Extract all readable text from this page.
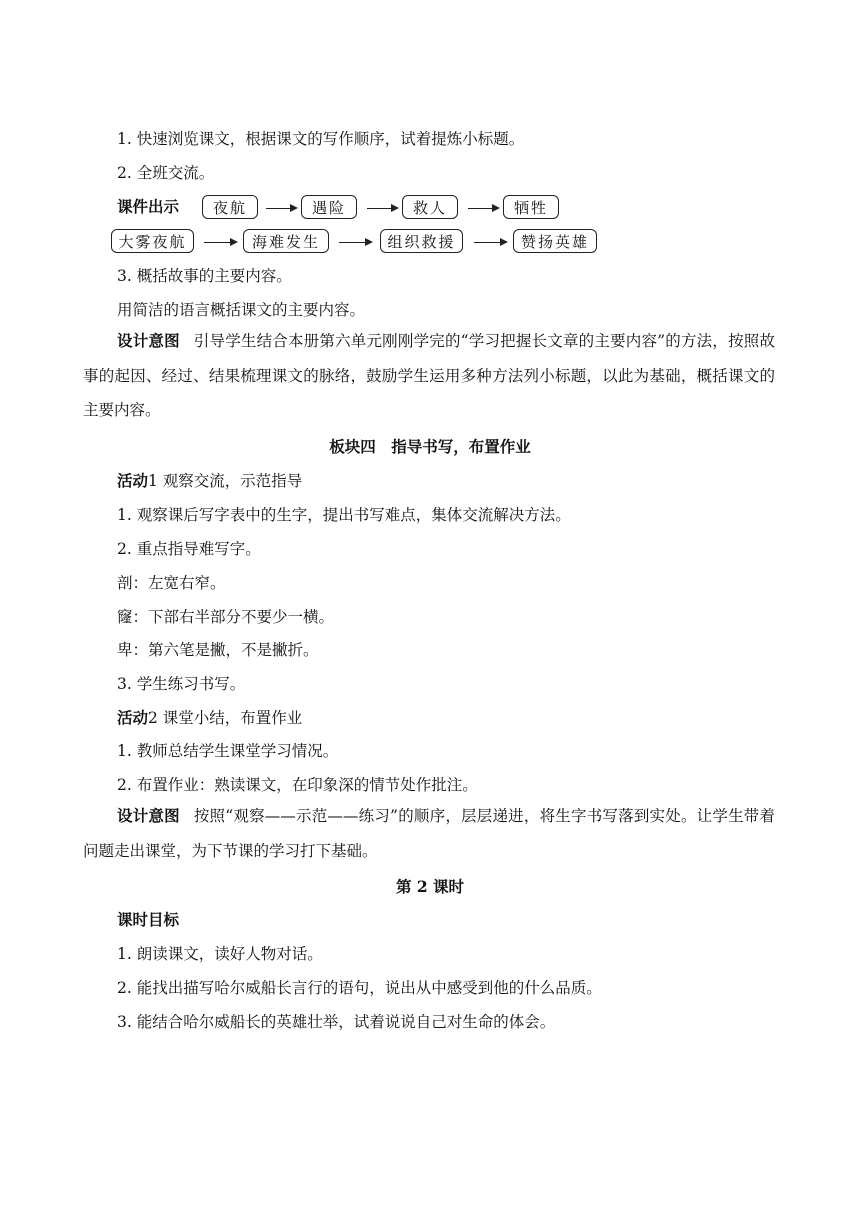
1. 快速浏览课文，根据课文的写作顺序，试着提炼小标题。
2. 全班交流。
课件出示	夜航	遇险	救人	牺牲
大雾夜航	海难发生	组织救援	赞扬英雄
3. 概括故事的主要内容。
用简洁的语言概括课文的主要内容。
设计意图 引导学生结合本册第六单元刚刚学完的“学习把握长文章的主要内容”的方法，按照故事的起因、经过、结果梳理课文的脉络，鼓励学生运用多种方法列小标题，以此为基础，概括课文的主要内容。
板块四　指导书写，布置作业
活动1 观察交流，示范指导
1. 观察课后写字表中的生字，提出书写难点，集体交流解决方法。
2. 重点指导难写字。
剖：左宽右窄。
窿：下部右半部分不要少一横。
卑：第六笔是撇，不是撇折。
3. 学生练习书写。
活动2 课堂小结，布置作业
1. 教师总结学生课堂学习情况。
2. 布置作业：熟读课文，在印象深的情节处作批注。
设计意图 按照“观察——示范——练习”的顺序，层层递进，将生字书写落到实处。让学生带着问题走出课堂，为下节课的学习打下基础。
第 2 课时
课时目标
1. 朗读课文，读好人物对话。
2. 能找出描写哈尔威船长言行的语句，说出从中感受到他的什么品质。
3. 能结合哈尔威船长的英雄壮举，试着说说自己对生命的体会。
